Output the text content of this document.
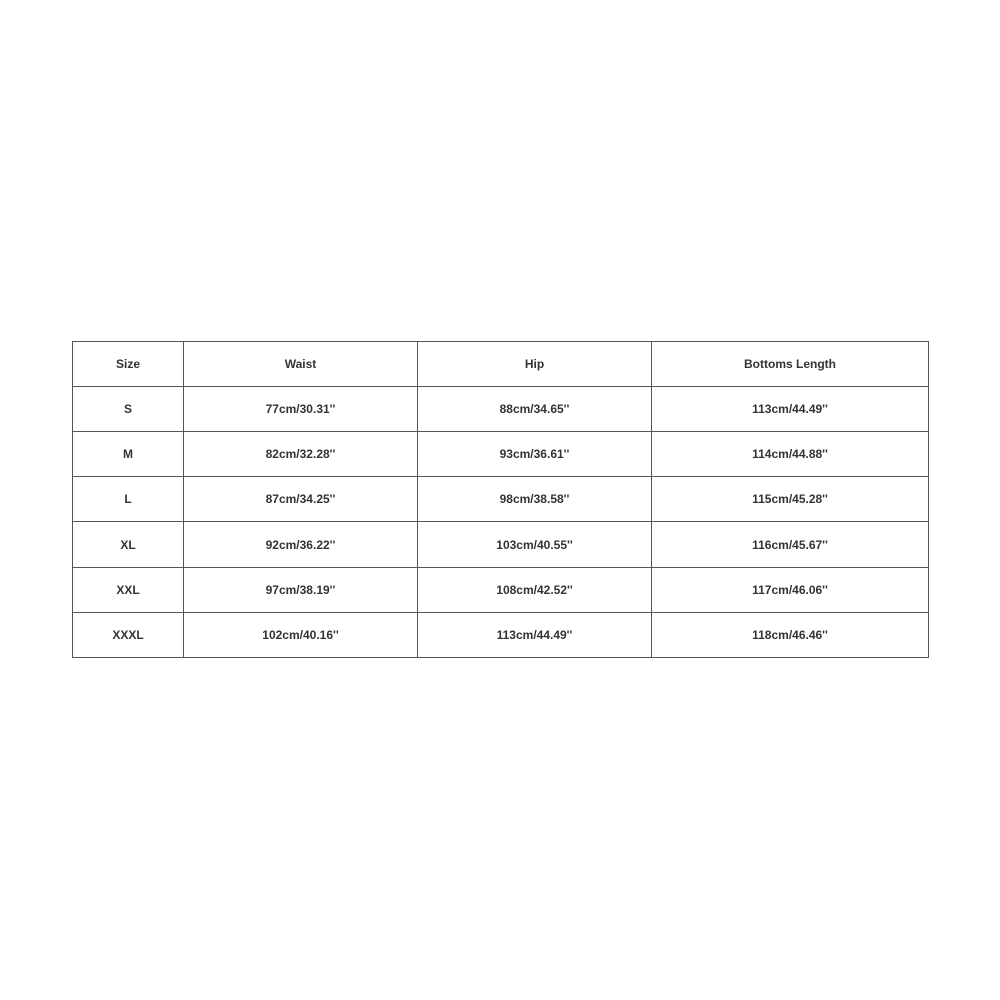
Size	Waist	Hip	Bottoms Length
S	77cm/30.31''	88cm/34.65''	113cm/44.49''
M	82cm/32.28''	93cm/36.61''	114cm/44.88''
L	87cm/34.25''	98cm/38.58''	115cm/45.28''
XL	92cm/36.22''	103cm/40.55''	116cm/45.67''
XXL	97cm/38.19''	108cm/42.52''	117cm/46.06''
XXXL	102cm/40.16''	113cm/44.49''	118cm/46.46''
